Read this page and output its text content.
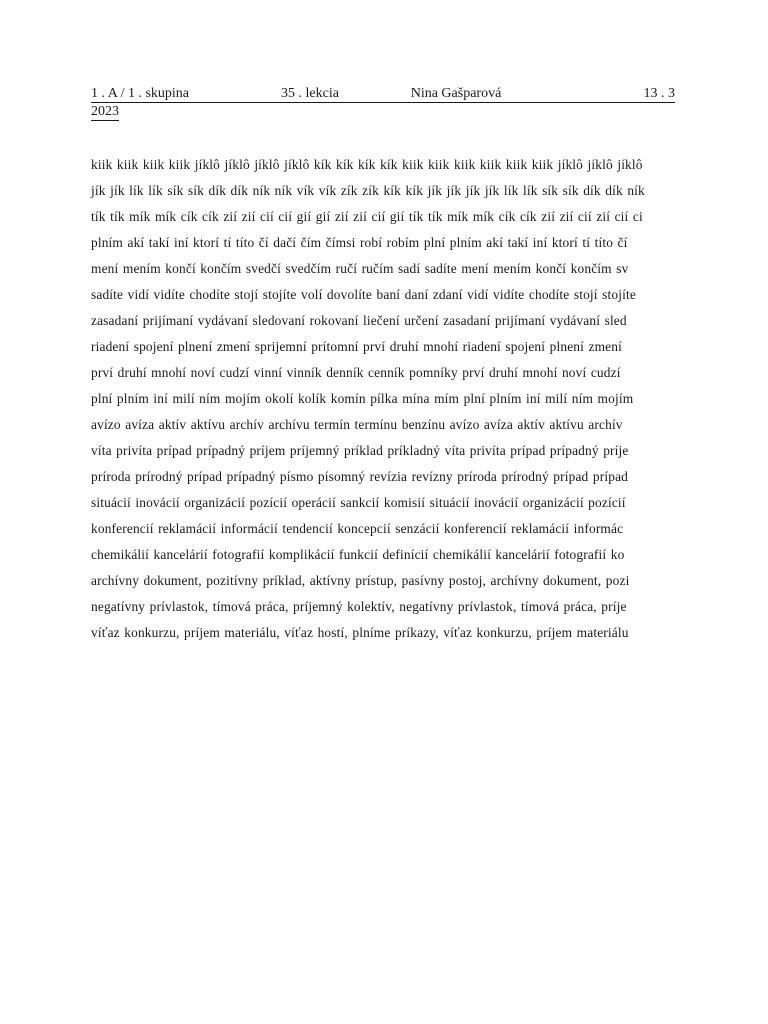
1 . A / 1 . skupina	35 . lekcia	Nina Gašparová	13 . 3
2023

kiik kiik kiik kiik jíklô jíklô jíklô jíklô kík kík kík kík kiik kiik kiik kiik kiik kiik jíklô jíklô jíklô

jík jík lík lík sík sík dík dík ník ník vík vík zík zík kík kík jík jík jík jík lík lík sík sík dík dík ník

tík tík mík mík cík cík zií zií cií cií gií gií zií zií cií gií tík tík mík mík cík cík zií zií cií zií cií ci

plním akí takí iní ktorí tí títo čí dačí čím čímsi robí robím plní plním akí takí iní ktorí tí títo čí

mení mením končí končím svedčí svedčím ručí ručím sadí sadíte mení mením končí končím sv

sadíte vidí vidíte chodíte stojí stojíte volí dovolíte baní daní zdaní vidí vidíte chodíte stojí stojíte

zasadaní prijímaní vydávaní sledovaní rokovaní liečení určení zasadaní prijímaní vydávaní sled

riadení spojení plnení zmení sprijemní prítomní prví druhí mnohí riadení spojení plnení zmení

prví druhí mnohí noví cudzí vinní vinník denník cenník pomníky prví druhí mnohí noví cudzí

plní plním iní milí ním mojím okolí kolík komín pílka mína mím plní plním iní milí ním mojím

avízo avíza aktív aktívu archív archívu termín termínu benzínu avízo avíza aktív aktívu archív

víta privíta prípad prípadný príjem príjemný príklad príkladný víta privíta prípad prípadný príje

príroda prírodný prípad prípadný písmo písomný revízia revízny príroda prírodný prípad prípad

situácií inovácií organizácií pozícií operácií sankcií komisií situácií inovácií organizácií pozícií

konferencií reklamácií informácií tendencií koncepcií senzácií konferencií reklamácií informác

chemikálií kancelárií fotografií komplikácií funkcií definícií chemikálií kancelárií fotografií ko

archívny dokument, pozitívny príklad, aktívny prístup, pasívny postoj, archívny dokument, pozi

negatívny prívlastok, tímová práca, príjemný kolektív, negatívny prívlastok, tímová práca, príje

víťaz konkurzu, príjem materiálu, víťaz hostí, plníme príkazy, víťaz konkurzu, príjem materiálu
